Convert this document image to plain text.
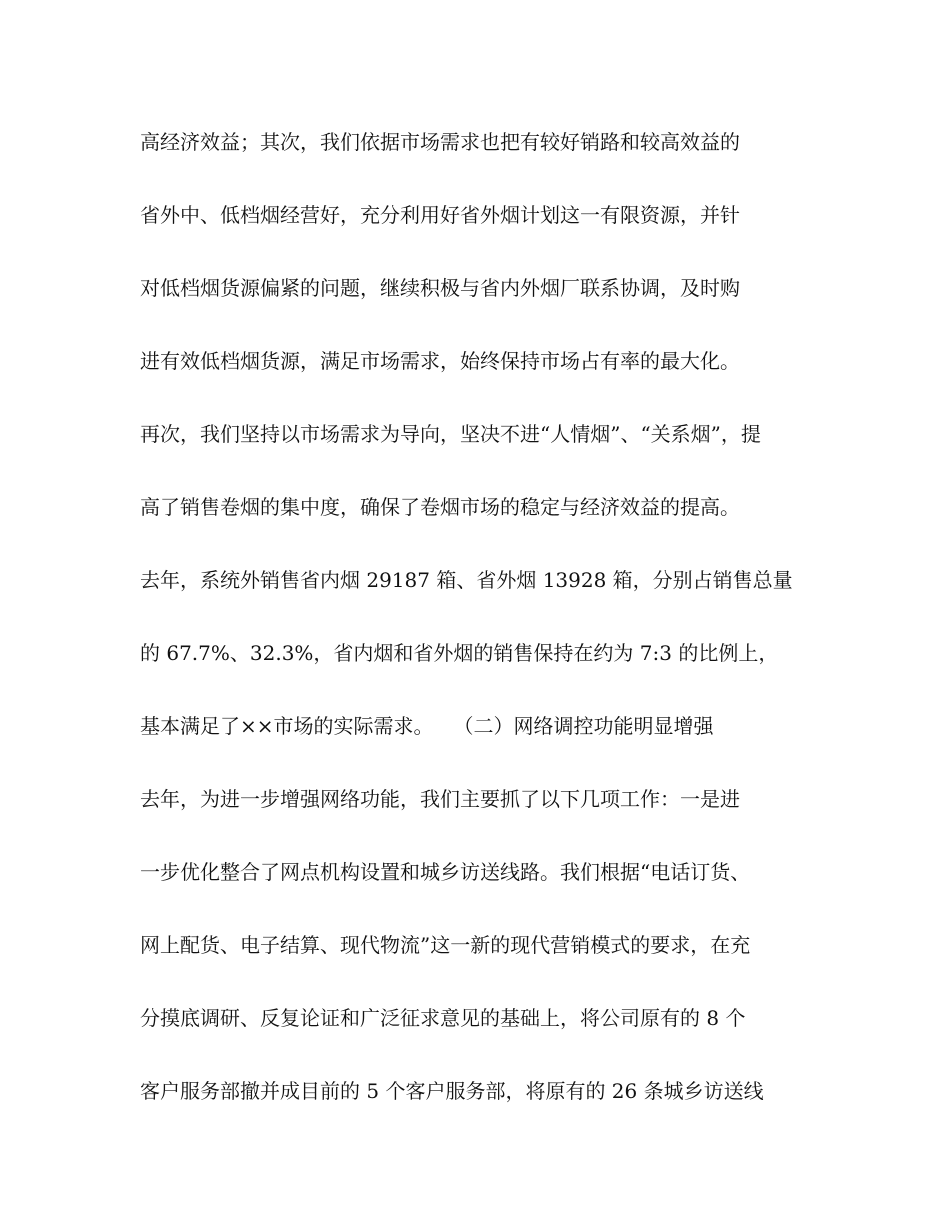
高经济效益；其次，我们依据市场需求也把有较好销路和较高效益的
省外中、低档烟经营好，充分利用好省外烟计划这一有限资源，并针
对低档烟货源偏紧的问题，继续积极与省内外烟厂联系协调，及时购
进有效低档烟货源，满足市场需求，始终保持市场占有率的最大化。
再次，我们坚持以市场需求为导向，坚决不进“人情烟”、“关系烟”，提
高了销售卷烟的集中度，确保了卷烟市场的稳定与经济效益的提高。
去年，系统外销售省内烟 29187 箱、省外烟 13928 箱，分别占销售总量
的 67.7%、32.3%，省内烟和省外烟的销售保持在约为 7:3 的比例上，
基本满足了××市场的实际需求。　　（二）网络调控功能明显增强
去年，为进一步增强网络功能，我们主要抓了以下几项工作：一是进
一步优化整合了网点机构设置和城乡访送线路。我们根据“电话订货、
网上配货、电子结算、现代物流”这一新的现代营销模式的要求，在充
分摸底调研、反复论证和广泛征求意见的基础上，将公司原有的 8 个
客户服务部撤并成目前的 5 个客户服务部，将原有的 26 条城乡访送线
